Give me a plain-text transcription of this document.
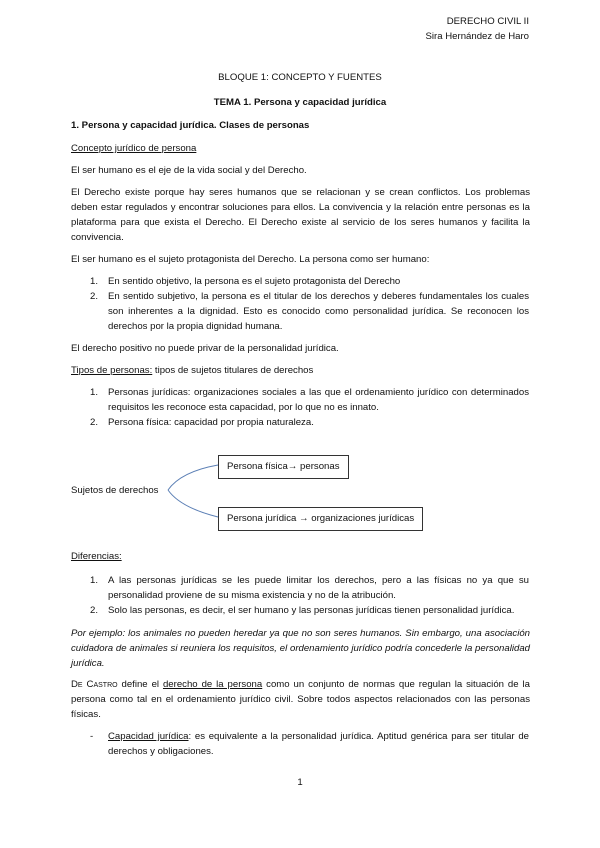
DERECHO CIVIL II
Sira Hernández de Haro
BLOQUE 1: CONCEPTO Y FUENTES
TEMA 1. Persona y capacidad jurídica
1. Persona y capacidad jurídica. Clases de personas
Concepto jurídico de persona
El ser humano es el eje de la vida social y del Derecho.
El Derecho existe porque hay seres humanos que se relacionan y se crean conflictos. Los problemas deben estar regulados y encontrar soluciones para ellos. La convivencia y la relación entre personas es la plataforma para que exista el Derecho. El Derecho existe al servicio de los seres humanos y facilita la convivencia.
El ser humano es el sujeto protagonista del Derecho. La persona como ser humano:
1. En sentido objetivo, la persona es el sujeto protagonista del Derecho
2. En sentido subjetivo, la persona es el titular de los derechos y deberes fundamentales los cuales son inherentes a la dignidad. Esto es conocido como personalidad jurídica. Se reconocen los derechos por la propia dignidad humana.
El derecho positivo no puede privar de la personalidad jurídica.
Tipos de personas: tipos de sujetos titulares de derechos
1. Personas jurídicas: organizaciones sociales a las que el ordenamiento jurídico con determinados requisitos les reconoce esta capacidad, por lo que no es innato.
2. Persona física: capacidad por propia naturaleza.
Sujetos de derechos
Persona física→ personas
Persona jurídica → organizaciones jurídicas
Diferencias:
1. A las personas jurídicas se les puede limitar los derechos, pero a las físicas no ya que su personalidad proviene de su misma existencia y no de la atribución.
2. Solo las personas, es decir, el ser humano y las personas jurídicas tienen personalidad jurídica.
Por ejemplo: los animales no pueden heredar ya que no son seres humanos. Sin embargo, una asociación cuidadora de animales si reuniera los requisitos, el ordenamiento jurídico podría concederle la personalidad jurídica.
De Castro define el derecho de la persona como un conjunto de normas que regulan la situación de la persona como tal en el ordenamiento jurídico civil. Sobre todos aspectos relacionados con las personas físicas.
- Capacidad jurídica: es equivalente a la personalidad jurídica. Aptitud genérica para ser titular de derechos y obligaciones.
1
